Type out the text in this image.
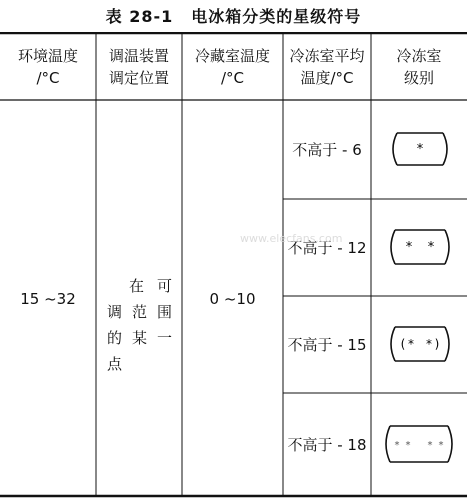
表 28-1 电冰箱分类的星级符号
环境温度
/°C
调温装置
调定位置
冷藏室温度
/°C
冷冻室平均
温度/°C
冷冻室
级别
15 ~32
在 可
调 范 围
的 某 一
点
0 ~10
不高于 - 6
不高于 - 12
不高于 - 15
不高于 - 18
*
* *
( * * )
* * * *
www.elecfans.com
